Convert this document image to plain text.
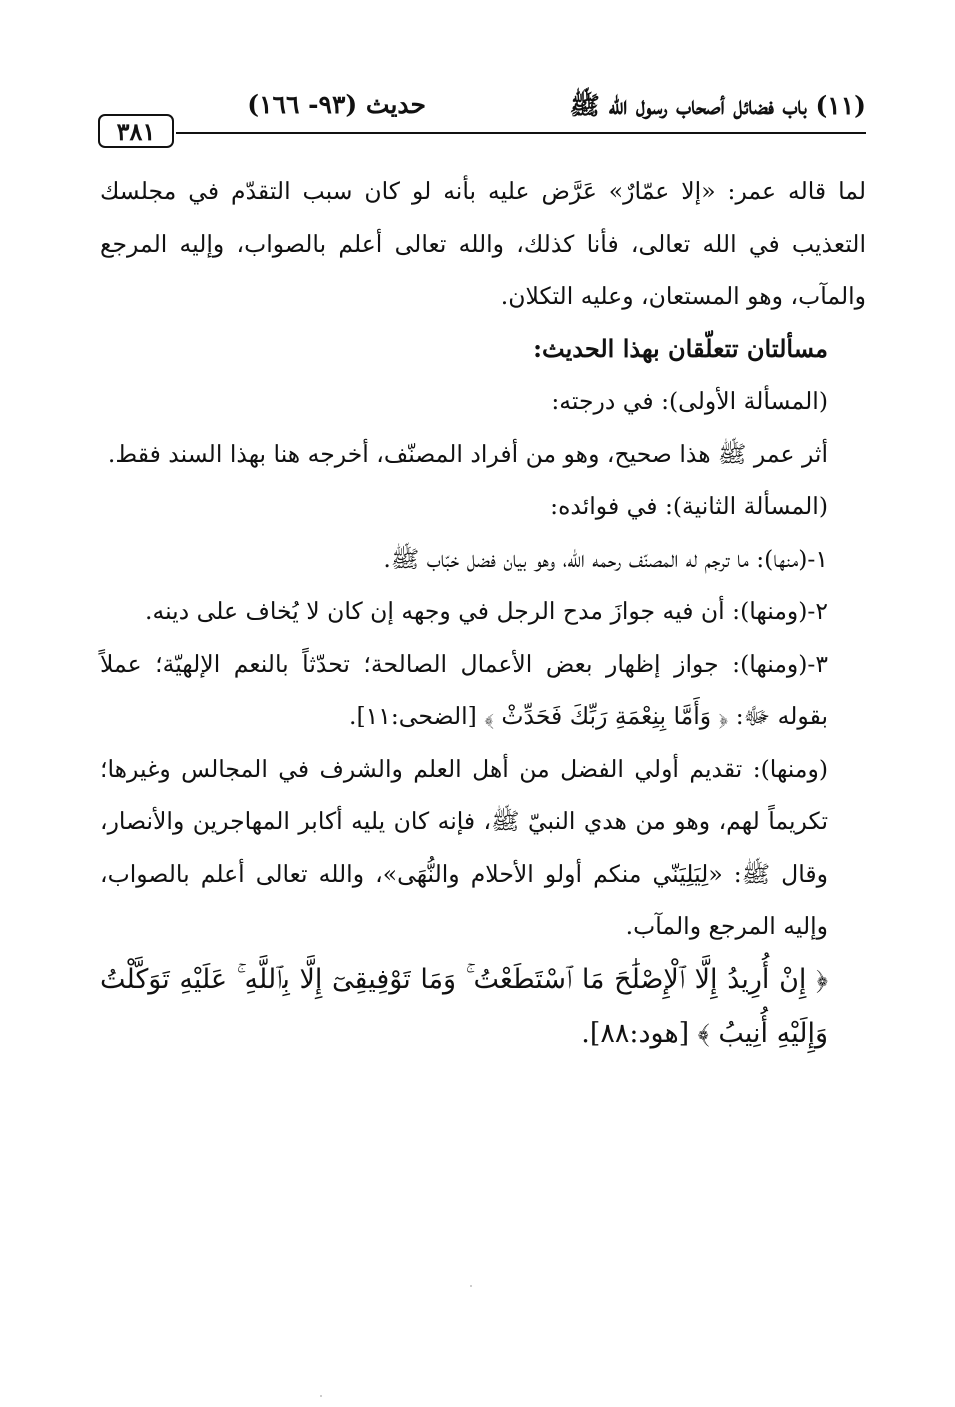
(١١) باب فضائل أصحاب رسول الله ﷺ
حديث (٩٣- ١٦٦)
٣٨١

لما قاله عمر: «إلا عمّارٌ» عَرَّض عليه بأنه لو كان سبب التقدّم في مجلسك التعذيب في الله تعالى، فأنا كذلك، والله تعالى أعلم بالصواب، وإليه المرجع والمآب، وهو المستعان، وعليه التكلان.

مسألتان تتعلّقان بهذا الحديث:

(المسألة الأولى): في درجته:

أثر عمر ﷺ هذا صحيح، وهو من أفراد المصنّف، أخرجه هنا بهذا السند فقط.

(المسألة الثانية): في فوائده:

١-(منها): ما ترجم له المصنّف رحمه الله، وهو بيان فضل خبّاب ﷺ.

٢-(ومنها): أن فيه جوازَ مدح الرجل في وجهه إن كان لا يُخاف على دينه.

٣-(ومنها): جواز إظهار بعض الأعمال الصالحة؛ تحدّثاً بالنعم الإلهيّة؛ عملاً بقوله ﷻ: ﴿ وَأَمَّا بِنِعْمَةِ رَبِّكَ فَحَدِّثْ ﴾ [الضحى:١١].

(ومنها): تقديم أولي الفضل من أهل العلم والشرف في المجالس وغيرها؛ تكريماً لهم، وهو من هدي النبيّ ﷺ، فإنه كان يليه أكابر المهاجرين والأنصار، وقال ﷺ: «لِيَلِيَنّي منكم أولو الأحلام والنُّهَى»، والله تعالى أعلم بالصواب، وإليه المرجع والمآب.

﴿ إِنْ أُرِيدُ إِلَّا ٱلْإِصْلَٰحَ مَا ٱسْتَطَعْتُ ۚ وَمَا تَوْفِيقِىٓ إِلَّا بِٱللَّهِ ۚ عَلَيْهِ تَوَكَّلْتُ وَإِلَيْهِ أُنِيبُ ﴾ [هود:٨٨].
